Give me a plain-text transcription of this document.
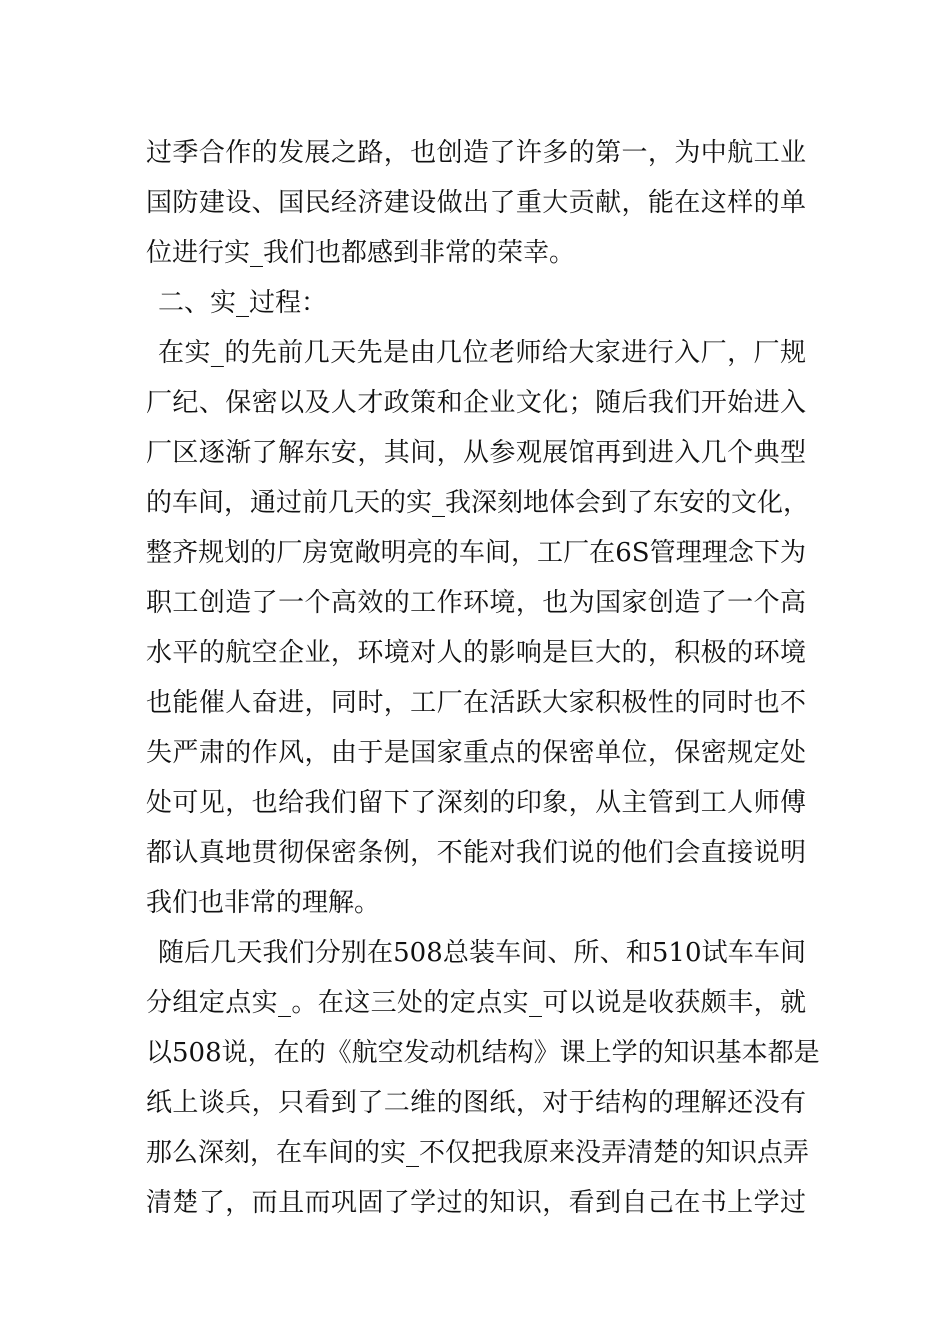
过季合作的发展之路，也创造了许多的第一，为中航工业
国防建设、国民经济建设做出了重大贡献，能在这样的单
位进行实_我们也都感到非常的荣幸。
二、实_过程：
在实_的先前几天先是由几位老师给大家进行入厂，厂规
厂纪、保密以及人才政策和企业文化；随后我们开始进入
厂区逐渐了解东安，其间，从参观展馆再到进入几个典型
的车间，通过前几天的实_我深刻地体会到了东安的文化，
整齐规划的厂房宽敞明亮的车间，工厂在6S管理理念下为
职工创造了一个高效的工作环境，也为国家创造了一个高
水平的航空企业，环境对人的影响是巨大的，积极的环境
也能催人奋进，同时，工厂在活跃大家积极性的同时也不
失严肃的作风，由于是国家重点的保密单位，保密规定处
处可见，也给我们留下了深刻的印象，从主管到工人师傅
都认真地贯彻保密条例，不能对我们说的他们会直接说明
我们也非常的理解。
随后几天我们分别在508总装车间、所、和510试车车间
分组定点实_。在这三处的定点实_可以说是收获颇丰，就
以508说，在的《航空发动机结构》课上学的知识基本都是
纸上谈兵，只看到了二维的图纸，对于结构的理解还没有
那么深刻，在车间的实_不仅把我原来没弄清楚的知识点弄
清楚了，而且而巩固了学过的知识，看到自己在书上学过
